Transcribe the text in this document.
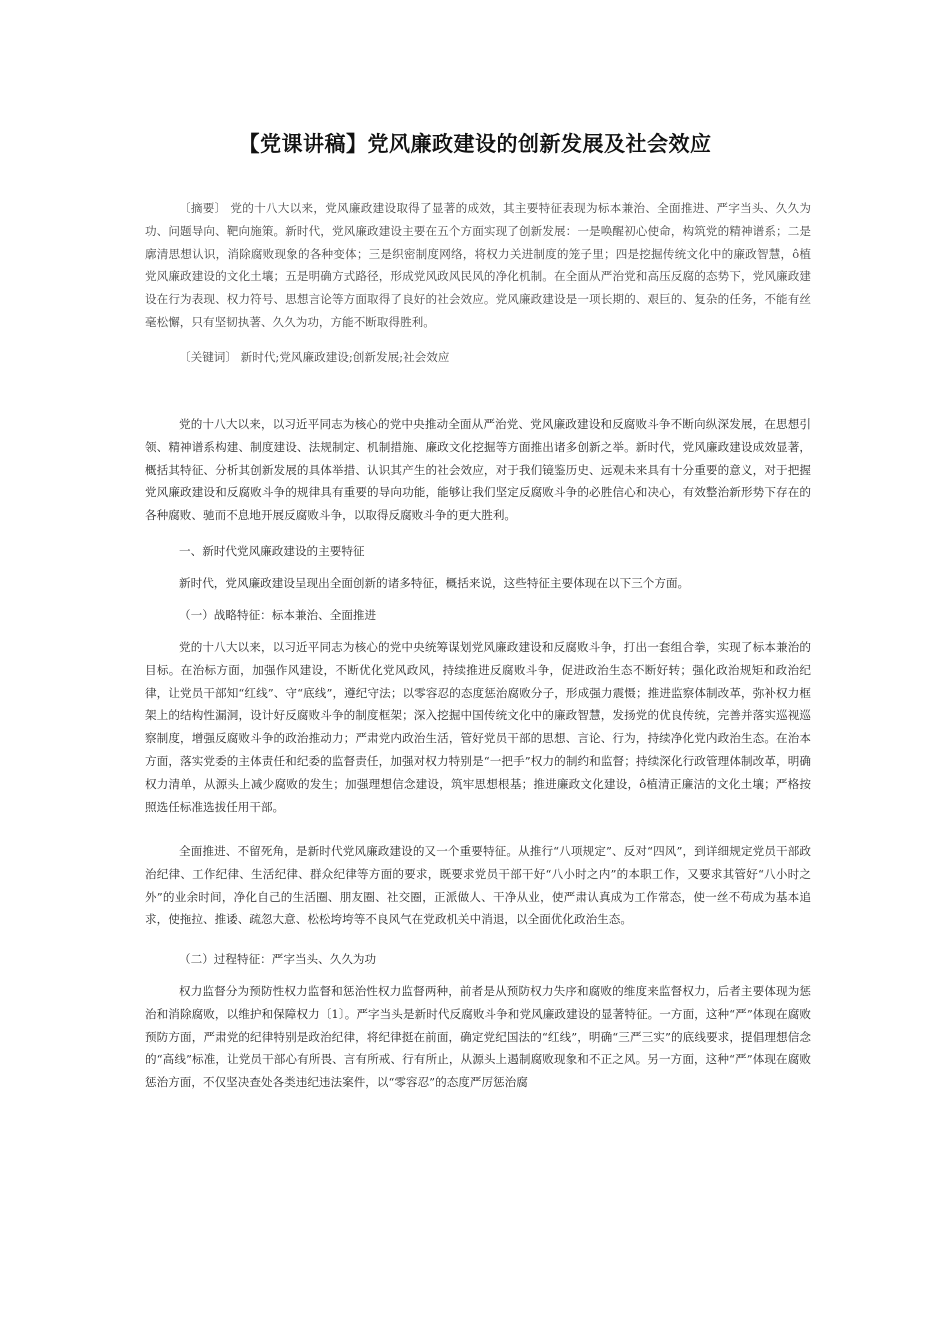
【党课讲稿】党风廉政建设的创新发展及社会效应

〔摘要〕 党的十八大以来，党风廉政建设取得了显著的成效，其主要特征表现为标本兼治、全面推进、严字当头、久久为功、问题导向、靶向施策。新时代，党风廉政建设主要在五个方面实现了创新发展：一是唤醒初心使命，构筑党的精神谱系；二是廓清思想认识，消除腐败现象的各种变体；三是织密制度网络，将权力关进制度的笼子里；四是挖掘传统文化中的廉政智慧，ô植党风廉政建设的文化土壤；五是明确方式路径，形成党风政风民风的净化机制。在全面从严治党和高压反腐的态势下，党风廉政建设在行为表现、权力符号、思想言论等方面取得了良好的社会效应。党风廉政建设是一项长期的、艰巨的、复杂的任务，不能有丝毫松懈，只有坚韧执著、久久为功，方能不断取得胜利。

〔关键词〕 新时代;党风廉政建设;创新发展;社会效应

党的十八大以来，以习近平同志为核心的党中央推动全面从严治党、党风廉政建设和反腐败斗争不断向纵深发展，在思想引领、精神谱系构建、制度建设、法规制定、机制措施、廉政文化挖掘等方面推出诸多创新之举。新时代，党风廉政建设成效显著，概括其特征、分析其创新发展的具体举措、认识其产生的社会效应，对于我们镜鉴历史、远观未来具有十分重要的意义，对于把握党风廉政建设和反腐败斗争的规律具有重要的导向功能，能够让我们坚定反腐败斗争的必胜信心和决心，有效整治新形势下存在的各种腐败、驰而不息地开展反腐败斗争，以取得反腐败斗争的更大胜利。

一、新时代党风廉政建设的主要特征

新时代，党风廉政建设呈现出全面创新的诸多特征，概括来说，这些特征主要体现在以下三个方面。

（一）战略特征：标本兼治、全面推进

党的十八大以来，以习近平同志为核心的党中央统筹谋划党风廉政建设和反腐败斗争，打出一套组合拳，实现了标本兼治的目标。在治标方面，加强作风建设，不断优化党风政风，持续推进反腐败斗争，促进政治生态不断好转；强化政治规矩和政治纪律，让党员干部知“红线”、守“底线”，遵纪守法；以零容忍的态度惩治腐败分子，形成强力震慑；推进监察体制改革，弥补权力框架上的结构性漏洞，设计好反腐败斗争的制度框架；深入挖掘中国传统文化中的廉政智慧，发扬党的优良传统，完善并落实巡视巡察制度，增强反腐败斗争的政治推动力；严肃党内政治生活，管好党员干部的思想、言论、行为，持续净化党内政治生态。在治本方面，落实党委的主体责任和纪委的监督责任，加强对权力特别是“一把手”权力的制约和监督；持续深化行政管理体制改革，明确权力清单，从源头上减少腐败的发生；加强理想信念建设，筑牢思想根基；推进廉政文化建设，ô植清正廉洁的文化土壤；严格按照选任标准选拔任用干部。

全面推进、不留死角，是新时代党风廉政建设的又一个重要特征。从推行“八项规定”、反对“四风”，到详细规定党员干部政治纪律、工作纪律、生活纪律、群众纪律等方面的要求，既要求党员干部干好“八小时之内”的本职工作，又要求其管好“八小时之外”的业余时间，净化自己的生活圈、朋友圈、社交圈，正派做人、干净从业，使严肃认真成为工作常态，使一丝不苟成为基本追求，使拖拉、推诿、疏忽大意、松松垮垮等不良风气在党政机关中消退，以全面优化政治生态。

（二）过程特征：严字当头、久久为功

权力监督分为预防性权力监督和惩治性权力监督两种，前者是从预防权力失序和腐败的维度来监督权力，后者主要体现为惩治和消除腐败，以维护和保障权力〔1〕。严字当头是新时代反腐败斗争和党风廉政建设的显著特征。一方面，这种“严”体现在腐败预防方面，严肃党的纪律特别是政治纪律，将纪律挺在前面，确定党纪国法的“红线”，明确“三严三实”的底线要求，提倡理想信念的“高线”标准，让党员干部心有所畏、言有所戒、行有所止，从源头上遏制腐败现象和不正之风。另一方面，这种“严”体现在腐败惩治方面，不仅坚决查处各类违纪违法案件，以“零容忍”的态度严厉惩治腐
